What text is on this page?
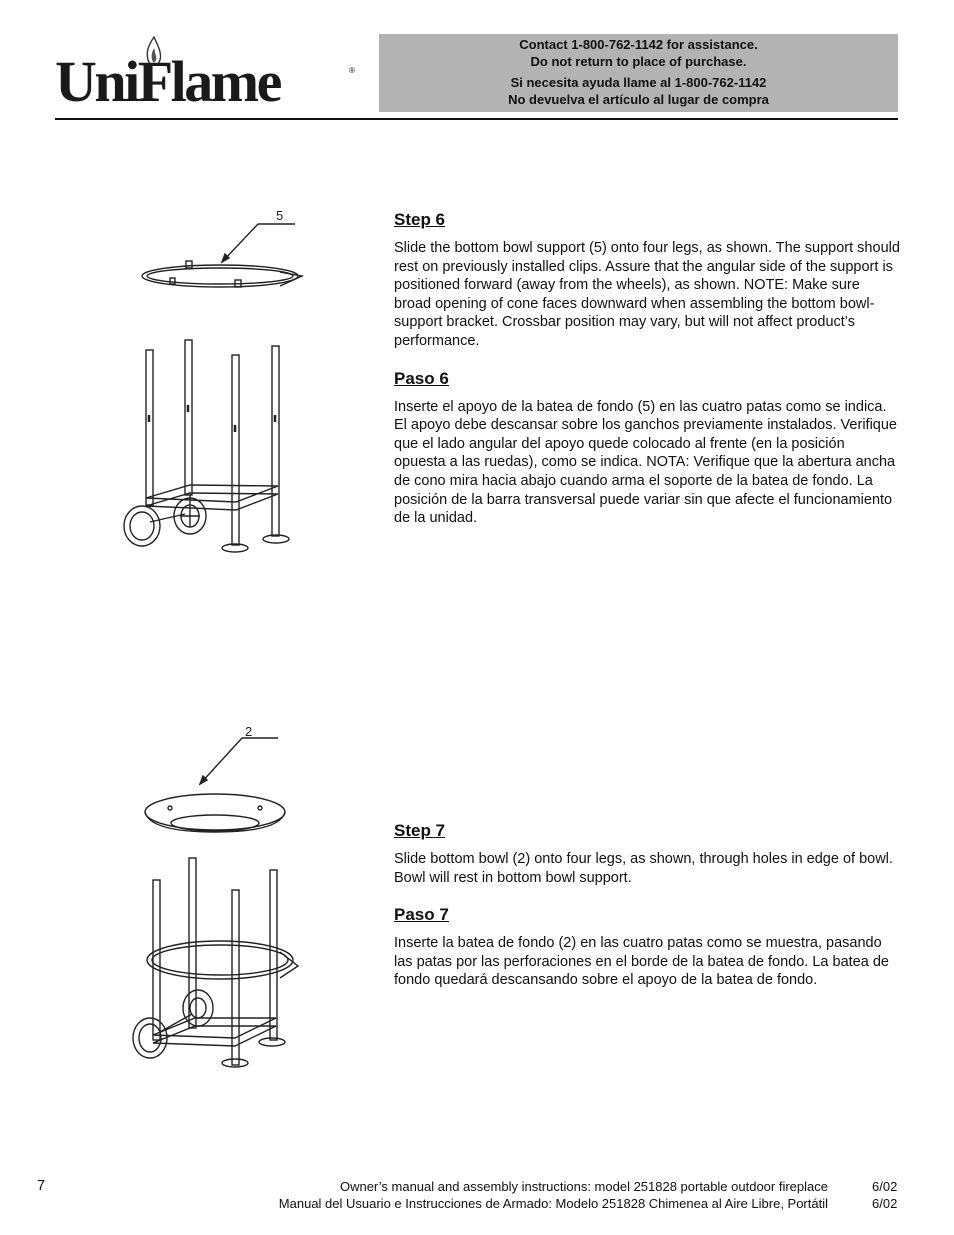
UniFlame	®
Contact 1-800-762-1142 for assistance.
Do not return to place of purchase.
Si necesita ayuda llame al 1-800-762-1142
No devuelva el artículo al lugar de compra
5	Step 6

Slide the bottom bowl support (5) onto four legs, as shown. The support should rest on previously installed clips. Assure that the angular side of the support is positioned forward (away from the wheels), as shown. NOTE: Make sure broad opening of cone faces downward when assembling the bottom bowl-support bracket. Crossbar position may vary, but will not affect product’s performance.

Paso 6

Inserte el apoyo de la batea de fondo (5) en las cuatro patas como se indica. El apoyo debe descansar sobre los ganchos previamente instalados. Verifique que el lado angular del apoyo quede colocado al frente (en la posición opuesta a las ruedas), como se indica. NOTA: Verifique que la abertura ancha de cono mira hacia abajo cuando arma el soporte de la batea de fondo. La posición de la barra transversal puede variar sin que afecte el funcionamiento de la unidad.

2

Step 7

Slide bottom bowl (2) onto four legs, as shown, through holes in edge of bowl. Bowl will rest in bottom bowl support.

Paso 7

Inserte la batea de fondo (2) en las cuatro patas como se muestra, pasando las patas por las perforaciones en el borde de la batea de fondo. La batea de fondo quedará descansando sobre el apoyo de la batea de fondo.

7	Owner’s manual and assembly instructions: model 251828 portable outdoor fireplace
Manual del Usuario e Instrucciones de Armado: Modelo 251828 Chimenea al Aire Libre, Portátil
6/02
6/02
